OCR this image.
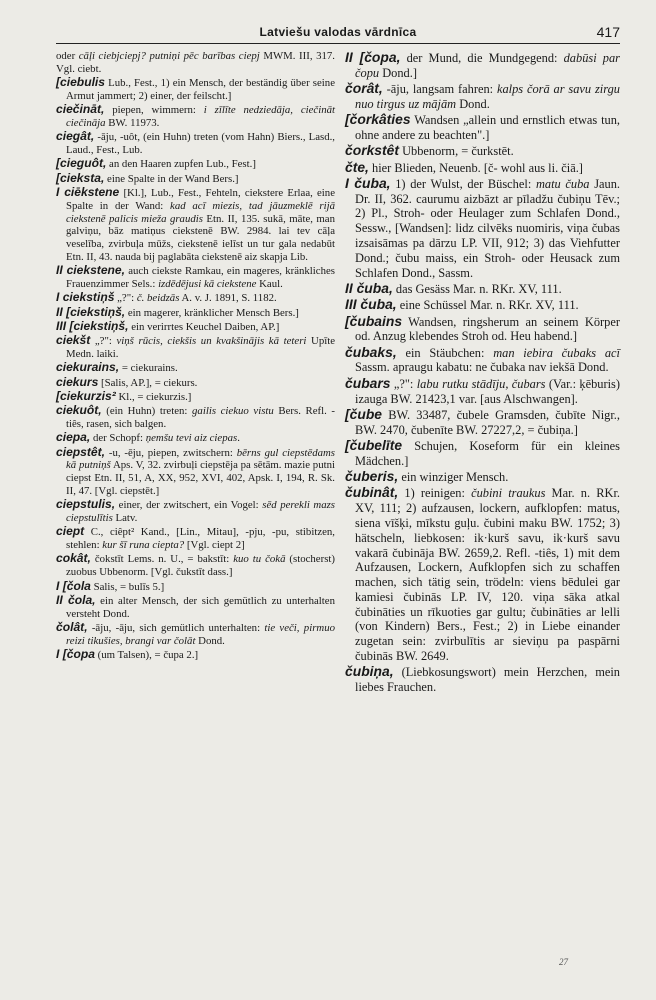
Latviešu valodas vārdnīca	417

oder cāļi ciebjciepj? putniņi pēc barības ciepj MWM. III, 317. Vgl. ciebt.

[ciebulis Lub., Fest., 1) ein Mensch, der beständig über seine Armut jammert; 2) einer, der feilscht.]

ciečināt, piepen, wimmern: i zīlīte nedziedāja, ciečināt ciečināja BW. 11973.

ciegât, -āju, -uôt, (ein Huhn) treten (vom Hahn) Biers., Lasd., Laud., Fest., Lub.

[cieguôt, an den Haaren zupfen Lub., Fest.]

[cieksta, eine Spalte in der Wand Bers.]

I ciēkstene [Kl.], Lub., Fest., Fehteln, ciekstere Erlaa, eine Spalte in der Wand: kad acī miezis, tad jāuzmeklē rijā ciekstenē palicis mieža graudis Etn. II, 135. sukā, māte, man galviņu, bāz matiņus ciekstenē BW. 2984. lai tev cāļa veselība, zvirbuļa mūžs, ciekstenē ielīst un tur gala nedabūt Etn. II, 43. nauda bij paglabāta ciekstenē aiz skapja Lib.

II ciekstene, auch ciekste Ramkau, ein mageres, kränkliches Frauenzimmer Sels.: izdēdējusi kā ciekstene Kaul.

I ciekstiņš „?": č. beidzās A. v. J. 1891, S. 1182.

II [ciekstiņš, ein magerer, kränklicher Mensch Bers.]

III [ciekstiņš, ein verirrtes Keuchel Daiben, AP.]

ciekšt „?": viņš rūcis, ciekšis un kvakšinājis kā teteri Upīte Medn. laiki.

ciekurains, = ciekurains.

ciekurs [Salis, AP.], = ciekurs.

[ciekurzis² Kl., = ciekurzis.]

ciekuôt, (ein Huhn) treten: gailis ciekuo vistu Bers. Refl. -tiês, rasen, sich balgen.

ciepa, der Schopf: ņemšu tevi aiz ciepas.

ciepstêt, -u, -ēju, piepen, zwitschern: bērns gul ciepstēdams kā putniņš Aps. V, 32. zvirbuļi ciepstēja pa sētām. mazie putni ciepst Etn. II, 51, A, XX, 952, XVI, 402, Apsk. I, 194, R. Sk. II, 47. [Vgl. ciepstēt.]

ciepstulis, einer, der zwitschert, ein Vogel: sēd perekli mazs ciepstulītis Latv.

ciept C., ciêpt² Kand., [Lin., Mitau], -pju, -pu, stibitzen, stehlen: kur šī runa ciepta? [Vgl. ciept 2]

cokât, čokstīt Lems. n. U., = bakstīt: kuo tu čokā (stocherst) zuobus Ubbenorm. [Vgl. čukstīt dass.]

I [čola Salis, = bulīs 5.]

II čola, ein alter Mensch, der sich gemütlich zu unterhalten versteht Dond.

čolât, -āju, -āju, sich gemütlich unterhalten: tie veči, pirmuo reizi tikušies, brangi var čolāt Dond.

I [čopa (um Talsen), = čupa 2.]

II [čopa, der Mund, die Mundgegend: dabūsi par čopu Dond.]

čorât, -āju, langsam fahren: kalps čorā ar savu zirgu nuo tirgus uz mājām Dond.

[čorkâties Wandsen „allein und ernstlich etwas tun, ohne andere zu beachten".]

čorkstêt Ubbenorm, = čurkstēt.

čte, hier Blieden, Neuenb. [č- wohl aus li. čiā.]

I čuba, 1) der Wulst, der Büschel: matu čuba Jaun. Dr. II, 362. caurumu aizbāzt ar pīladžu čubiņu Tēv.; 2) Pl., Stroh- oder Heulager zum Schlafen Dond., Sessw., [Wandsen]: lidz cilvēks nuomiris, viņa čubas izsaisāmas pa dārzu LP. VII, 912; 3) das Viehfutter Dond.; čubu maiss, ein Stroh- oder Heusack zum Schlafen Dond., Sassm.

II čuba, das Gesäss Mar. n. RKr. XV, 111.

III čuba, eine Schüssel Mar. n. RKr. XV, 111.

[čubains Wandsen, ringsherum an seinem Körper od. Anzug klebendes Stroh od. Heu habend.]

čubaks, ein Stäubchen: man iebira čubaks acī Sassm. apraugu kabatu: ne čubaka nav iekšā Dond.

čubars „?": labu rutku stādīju, čubars (Var.: ķēburis) izauga BW. 21423,1 var. [aus Alschwangen].

[čube BW. 33487, čubele Gramsden, čubīte Nigr., BW. 2470, čubenīte BW. 27227,2, = čubiņa.]

[čubelīte Schujen, Koseform für ein kleines Mädchen.]

čuberis, ein winziger Mensch.

čubinât, 1) reinigen: čubini traukus Mar. n. RKr. XV, 111; 2) aufzausen, lockern, aufklopfen: matus, siena vīšķi, mīkstu guļu. čubini maku BW. 1752; 3) hätscheln, liebkosen: ik·kurš savu, ik·kurš savu vakarā čubināja BW. 2659,2. Refl. -tiês, 1) mit dem Aufzausen, Lockern, Aufklopfen sich zu schaffen machen, sich tätig sein, trödeln: viens bēdulei gar kamiesi čubinās LP. IV, 120. viņa sāka atkal čubināties un rīkuoties gar gultu; čubināties ar lelli (von Kindern) Bers., Fest.; 2) in Liebe einander zugetan sein: zvirbulītis ar sieviņu pa paspārni čubinās BW. 2649.

čubiņa, (Liebkosungswort) mein Herzchen, mein liebes Frauchen.

27
